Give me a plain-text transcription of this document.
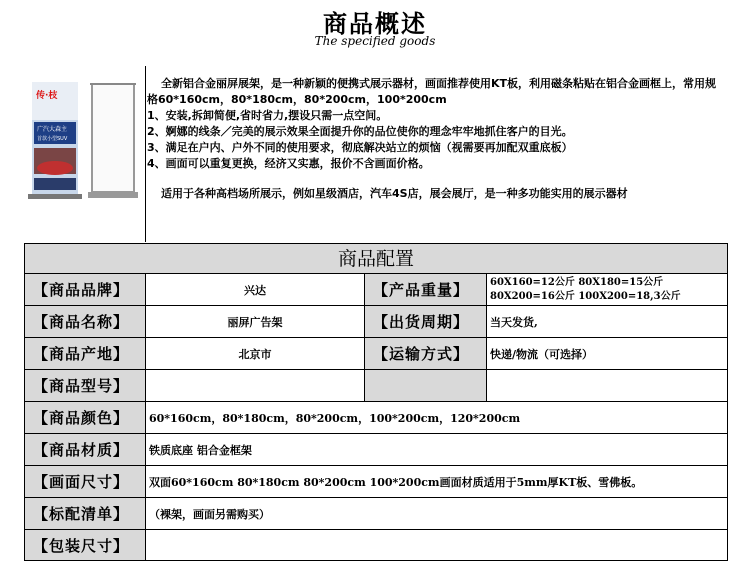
商品概述
The specified goods
传·枝
广汽大森主
首款小型SUV

全新铝合金丽屏展架，是一种新颖的便携式展示器材，画面推荐使用KT板，利用磁条粘贴在铝合金画框上，常用规格60*160cm，80*180cm，80*200cm，100*200cm

1、安装,拆卸简便,省时省力,摆设只需一点空间。

2、婀娜的线条／完美的展示效果全面提升你的品位使你的理念牢牢地抓住客户的目光。

3、满足在户内、户外不同的使用要求，彻底解决站立的烦恼（视需要再加配双重底板）

4、画面可以重复更换，经济又实惠，报价不含画面价格。

适用于各种高档场所展示，例如星级酒店，汽车4S店，展会展厅，是一种多功能实用的展示器材

商品配置
【商品品牌】	兴达	【产品重量】	60X160=12公斤 80X180=15公斤
80X200=16公斤 100X200=18,3公斤
【商品名称】	丽屏广告架	【出货周期】	当天发货,
【商品产地】	北京市	【运输方式】	快递/物流（可选择）
【商品型号】
【商品颜色】	60*160cm，80*180cm，80*200cm，100*200cm，120*200cm
【商品材质】	铁质底座 铝合金框架
【画面尺寸】	双面60*160cm 80*180cm 80*200cm 100*200cm画面材质适用于5mm厚KT板、雪佛板。
【标配清单】	（裸架，画面另需购买）
【包装尺寸】
